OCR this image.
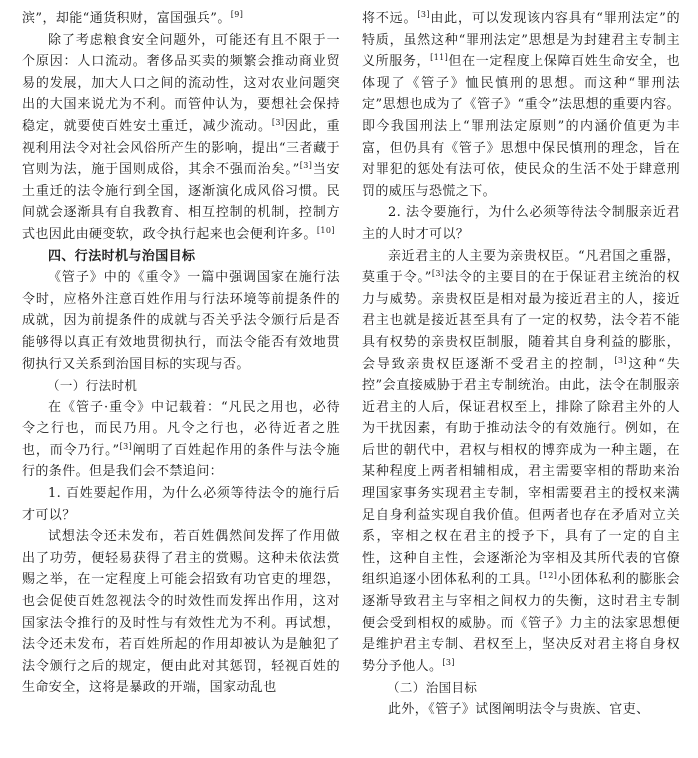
滨”，却能“通货积财，富国强兵”。[9]

除了考虑粮食安全问题外，可能还有且不限于一个原因：人口流动。奢侈品买卖的频繁会推动商业贸易的发展，加大人口之间的流动性，这对农业问题突出的大国来说尤为不利。而管仲认为，要想社会保持稳定，就要使百姓安土重迁，减少流动。[3]因此，重视利用法令对社会风俗所产生的影响，提出“三者藏于官则为法，施于国则成俗，其余不强而治矣。”[3]当安土重迁的法令施行到全国，逐渐演化成风俗习惯。民间就会逐渐具有自我教育、相互控制的机制，控制方式也因此由硬变软，政令执行起来也会便利许多。[10]

四、行法时机与治国目标

《管子》中的《重令》一篇中强调国家在施行法令时，应格外注意百姓作用与行法环境等前提条件的成就，因为前提条件的成就与否关乎法令颁行后是否能够得以真正有效地贯彻执行，而法令能否有效地贯彻执行又关系到治国目标的实现与否。

（一）行法时机

在《管子·重令》中记载着：“凡民之用也，必待令之行也，而民乃用。凡令之行也，必待近者之胜也，而令乃行。”[3]阐明了百姓起作用的条件与法令施行的条件。但是我们会不禁追问：

1. 百姓要起作用，为什么必须等待法令的施行后才可以？

试想法令还未发布，若百姓偶然间发挥了作用做出了功劳，便轻易获得了君主的赏赐。这种未依法赏赐之举，在一定程度上可能会招致有功官吏的埋怨，也会促使百姓忽视法令的时效性而发挥出作用，这对国家法令推行的及时性与有效性尤为不利。再试想，法令还未发布，若百姓所起的作用却被认为是触犯了法令颁行之后的规定，便由此对其惩罚，轻视百姓的生命安全，这将是暴政的开端，国家动乱也

将不远。[3]由此，可以发现该内容具有“罪刑法定”的特质，虽然这种“罪刑法定”思想是为封建君主专制主义所服务，[11]但在一定程度上保障百姓生命安全，也体现了《管子》恤民慎刑的思想。而这种“罪刑法定”思想也成为了《管子》“重令”法思想的重要内容。即今我国刑法上“罪刑法定原则”的内涵价值更为丰富，但仍具有《管子》思想中保民慎刑的理念，旨在对罪犯的惩处有法可依，使民众的生活不处于肆意刑罚的威压与恐慌之下。

2. 法令要施行，为什么必须等待法令制服亲近君主的人时才可以？

亲近君主的人主要为亲贵权臣。“凡君国之重器，莫重于令。”[3]法令的主要目的在于保证君主统治的权力与威势。亲贵权臣是相对最为接近君主的人，接近君主也就是接近甚至具有了一定的权势，法令若不能具有权势的亲贵权臣制服，随着其自身利益的膨胀，会导致亲贵权臣逐渐不受君主的控制，[3]这种“失控”会直接威胁于君主专制统治。由此，法令在制服亲近君主的人后，保证君权至上，排除了除君主外的人为干扰因素，有助于推动法令的有效施行。例如，在后世的朝代中，君权与相权的博弈成为一种主题，在某种程度上两者相辅相成，君主需要宰相的帮助来治理国家事务实现君主专制，宰相需要君主的授权来满足自身利益实现自我价值。但两者也存在矛盾对立关系，宰相之权在君主的授予下，具有了一定的自主性，这种自主性，会逐渐沦为宰相及其所代表的官僚组织追逐小团体私利的工具。[12]小团体私利的膨胀会逐渐导致君主与宰相之间权力的失衡，这时君主专制便会受到相权的威胁。而《管子》力主的法家思想便是维护君主专制、君权至上，坚决反对君主将自身权势分予他人。[3]

（二）治国目标

此外，《管子》试图阐明法令与贵族、官吏、
